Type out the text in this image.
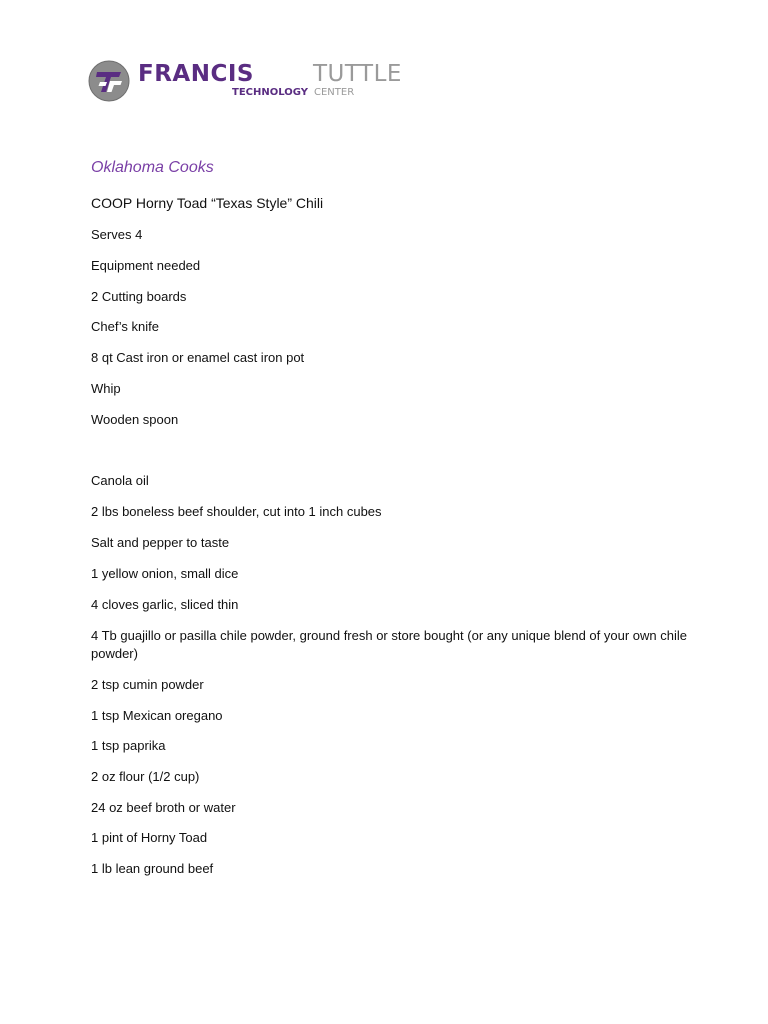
FRANCIS	TUTTLE
TECHNOLOGY CENTER
Oklahoma Cooks
COOP Horny Toad “Texas Style” Chili
Serves 4
Equipment needed
2 Cutting boards
Chef’s knife
8 qt Cast iron or enamel cast iron pot
Whip
Wooden spoon
Canola oil
2 lbs boneless beef shoulder, cut into 1 inch cubes
Salt and pepper to taste
1 yellow onion, small dice
4 cloves garlic, sliced thin
4 Tb guajillo or pasilla chile powder, ground fresh or store bought (or any unique blend of your own chile powder)
2 tsp cumin powder
1 tsp Mexican oregano
1 tsp paprika
2 oz flour (1/2 cup)
24 oz beef broth or water
1 pint of Horny Toad
1 lb lean ground beef
